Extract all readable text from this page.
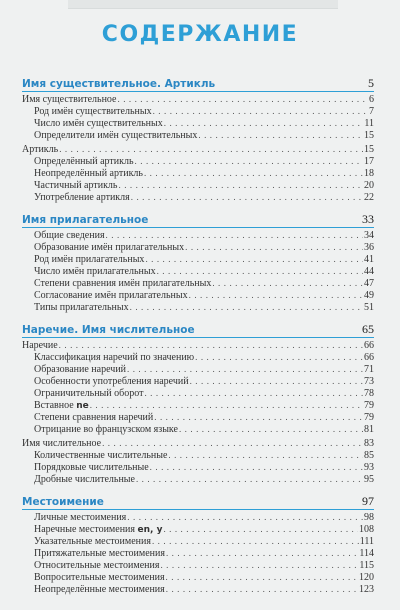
СОДЕРЖАНИЕ
Имя существительное. Артикль	5
Имя существительное . . .	6
Род имён существительных . . .	7
Число имён существительных . . .	11
Определители имён существительных . . .	15
Артикль . . .	15
Определённый артикль . . .	17
Неопределённый артикль . . .	18
Частичный артикль . . .	20
Употребление артикля . . .	22
Имя прилагательное	33
Общие сведения . . .	34
Образование имён прилагательных . . .	36
Род имён прилагательных . . .	41
Число имён прилагательных . . .	44
Степени сравнения имён прилагательных . . .	47
Согласование имён прилагательных . . .	49
Типы прилагательных . . .	51
Наречие. Имя числительное	65
Наречие . . .	66
Классификация наречий по значению . . .	66
Образование наречий . . .	71
Особенности употребления наречий . . .	73
Ограничительный оборот . . .	78
Вставное ne . . .	79
Степени сравнения наречий . . .	79
Отрицание во французском языке . . .	81
Имя числительное . . .	83
Количественные числительные . . .	85
Порядковые числительные . . .	93
Дробные числительные . . .	95
Местоимение	97
Личные местоимения . . .	98
Наречные местоимения en, y . . .	108
Указательные местоимения . . .	111
Притяжательные местоимения . . .	114
Относительные местоимения . . .	115
Вопросительные местоимения . . .	120
Неопределённые местоимения . . .	123
